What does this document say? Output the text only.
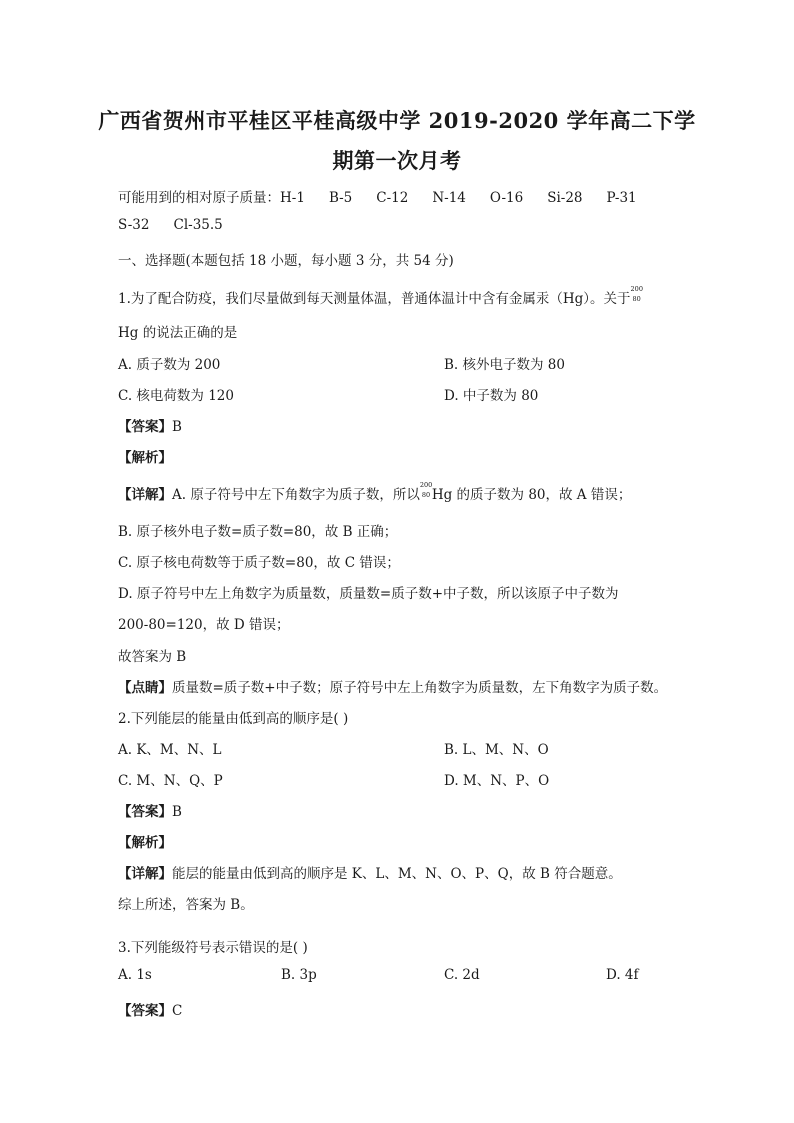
广西省贺州市平桂区平桂高级中学 2019-2020 学年高二下学
期第一次月考
可能用到的相对原子质量：H-1 B-5 C-12 N-14 O-16 Si-28 P-31
S-32 Cl-35.5
一、选择题(本题包括 18 小题，每小题 3 分，共 54 分)
1.为了配合防疫，我们尽量做到每天测量体温，普通体温计中含有金属汞（Hg）。关于
200
80
Hg 的说法正确的是
A. 质子数为 200	B. 核外电子数为 80
C. 核电荷数为 120	D. 中子数为 80
【答案】B
【解析】
【详解】A. 原子符号中左下角数字为质子数，所以
200
80 Hg 的质子数为 80，故 A 错误；
B. 原子核外电子数=质子数=80，故 B 正确；
C. 原子核电荷数等于质子数=80，故 C 错误；
D. 原子符号中左上角数字为质量数，质量数=质子数+中子数，所以该原子中子数为
200-80=120，故 D 错误；
故答案为 B
【点睛】质量数=质子数+中子数；原子符号中左上角数字为质量数，左下角数字为质子数。
2.下列能层的能量由低到高的顺序是( )
A. K、M、N、L	B. L、M、N、O
C. M、N、Q、P	D. M、N、P、O
【答案】B
【解析】
【详解】能层的能量由低到高的顺序是 K、L、M、N、O、P、Q，故 B 符合题意。
综上所述，答案为 B。
3.下列能级符号表示错误的是( )
A. 1s	B. 3p	C. 2d	D. 4f
【答案】C
